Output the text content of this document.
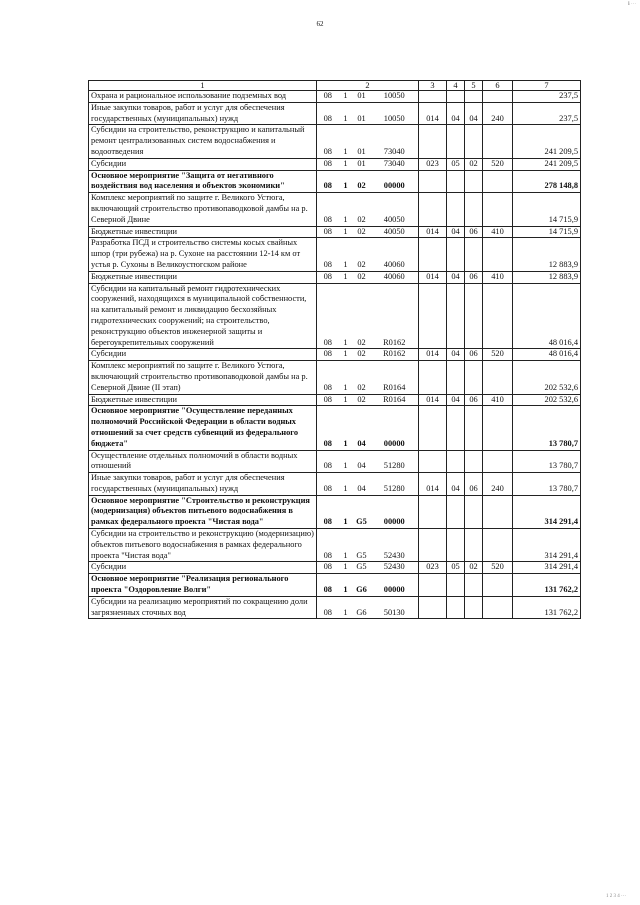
ℹ ···
62
1	2				3	4	5	6	7
Охрана и рациональное использование подземных вод	08	1	01	10050					237,5
Иные закупки товаров, работ и услуг для обеспечения государственных (муниципальных) нужд	08	1	01	10050	014	04	04	240	237,5
Субсидии на строительство, реконструкцию и капитальный ремонт централизованных систем водоснабжения и водоотведения	08	1	01	73040					241 209,5
Субсидии	08	1	01	73040	023	05	02	520	241 209,5
Основное мероприятие "Защита от негативного воздействия вод населения и объектов экономики"	08	1	02	00000					278 148,8
Комплекс мероприятий по защите г. Великого Устюга, включающий строительство противопаводковой дамбы на р. Северной Двине	08	1	02	40050					14 715,9
Бюджетные инвестиции	08	1	02	40050	014	04	06	410	14 715,9
Разработка ПСД и строительство системы косых свайных шпор (три рубежа) на р. Сухоне на расстоянии 12-14 км от устья р. Сухоны в Великоустюгском районе	08	1	02	40060					12 883,9
Бюджетные инвестиции	08	1	02	40060	014	04	06	410	12 883,9
Субсидии на капитальный ремонт гидротехнических сооружений, находящихся в муниципальной собственности, на капитальный ремонт и ликвидацию бесхозяйных гидротехнических сооружений; на строительство, реконструкцию объектов инженерной защиты и берегоукрепительных сооружений	08	1	02	R0162					48 016,4
Субсидии	08	1	02	R0162	014	04	06	520	48 016,4
Комплекс мероприятий по защите г. Великого Устюга, включающий строительство противопаводковой дамбы на р. Северной Двине (II этап)	08	1	02	R0164					202 532,6
Бюджетные инвестиции	08	1	02	R0164	014	04	06	410	202 532,6
Основное мероприятие "Осуществление переданных полномочий Российской Федерации в области водных отношений за счет средств субвенций из федерального бюджета"	08	1	04	00000					13 780,7
Осуществление отдельных полномочий в области водных отношений	08	1	04	51280					13 780,7
Иные закупки товаров, работ и услуг для обеспечения государственных (муниципальных) нужд	08	1	04	51280	014	04	06	240	13 780,7
Основное мероприятие "Строительство и реконструкция (модернизация) объектов питьевого водоснабжения в рамках федерального проекта "Чистая вода"	08	1	G5	00000					314 291,4
Субсидии на строительство и реконструкцию (модернизацию) объектов питьевого водоснабжения в рамках федерального проекта "Чистая вода"	08	1	G5	52430					314 291,4
Субсидии	08	1	G5	52430	023	05	02	520	314 291,4
Основное мероприятие "Реализация регионального проекта "Оздоровление Волги"	08	1	G6	00000					131 762,2
Субсидии на реализацию мероприятий по сокращению доли загрязненных сточных вод	08	1	G6	50130					131 762,2
1 2 3 4 ···
